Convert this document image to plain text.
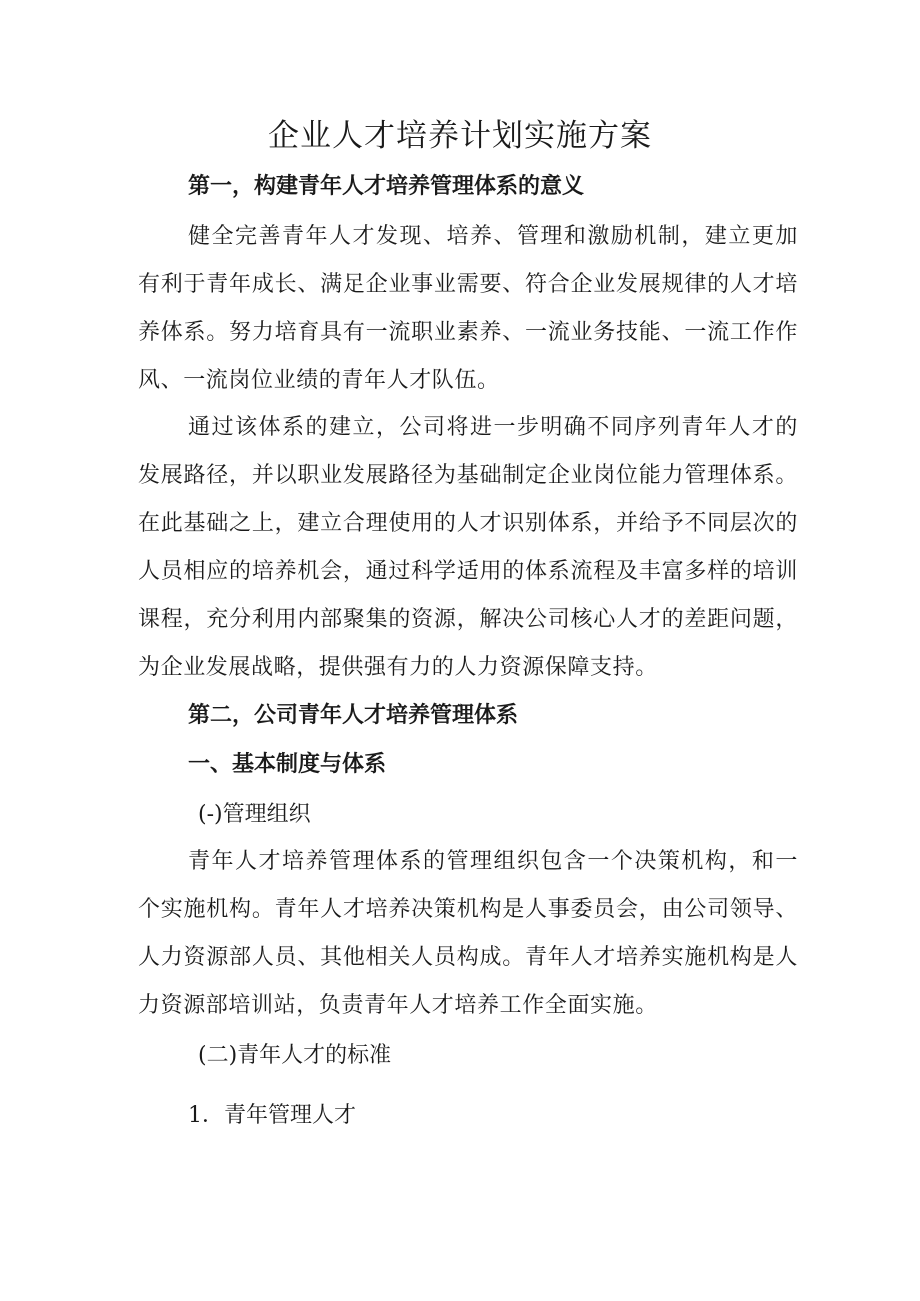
企业人才培养计划实施方案
第一，构建青年人才培养管理体系的意义

健全完善青年人才发现、培养、管理和激励机制，建立更加有利于青年成长、满足企业事业需要、符合企业发展规律的人才培养体系。努力培育具有一流职业素养、一流业务技能、一流工作作风、一流岗位业绩的青年人才队伍。

通过该体系的建立，公司将进一步明确不同序列青年人才的发展路径，并以职业发展路径为基础制定企业岗位能力管理体系。在此基础之上，建立合理使用的人才识别体系，并给予不同层次的人员相应的培养机会，通过科学适用的体系流程及丰富多样的培训课程，充分利用内部聚集的资源，解决公司核心人才的差距问题，为企业发展战略，提供强有力的人力资源保障支持。

第二，公司青年人才培养管理体系
一、基本制度与体系

(-)管理组织

青年人才培养管理体系的管理组织包含一个决策机构，和一个实施机构。青年人才培养决策机构是人事委员会，由公司领导、人力资源部人员、其他相关人员构成。青年人才培养实施机构是人力资源部培训站，负责青年人才培养工作全面实施。

(二)青年人才的标准

1．青年管理人才
